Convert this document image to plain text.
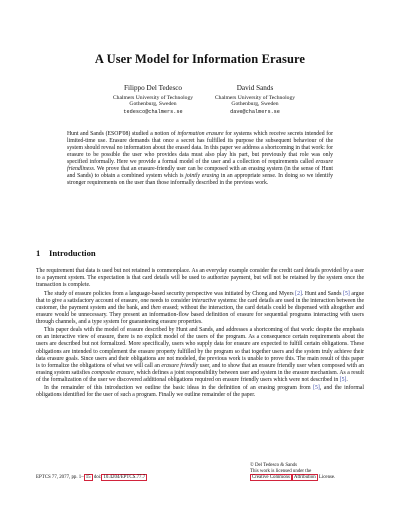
A User Model for Information Erasure
Filippo Del Tedesco
Chalmers University of Technology
Gothenburg, Sweden
tedesco@chalmers.se
David Sands
Chalmers University of Technology
Gothenburg, Sweden
dave@chalmers.se
Hunt and Sands (ESOP'08) studied a notion of information erasure for systems which receive secrets intended for limited-time use. Erasure demands that once a secret has fulfilled its purpose the subsequent behaviour of the system should reveal no information about the erased data. In this paper we address a shortcoming in that work: for erasure to be possible the user who provides data must also play his part, but previously that role was only specified informally. Here we provide a formal model of the user and a collection of requirements called erasure friendliness. We prove that an erasure-friendly user can be composed with an erasing system (in the sense of Hunt and Sands) to obtain a combined system which is jointly erasing in an appropriate sense. In doing so we identify stronger requirements on the user than those informally described in the previous work.
1 Introduction

The requirement that data is used but not retained is commonplace. As an everyday example consider the credit card details provided by a user to a payment system. The expectation is that card details will be used to authorize payment, but will not be retained by the system once the transaction is complete.

The study of erasure policies from a language-based security perspective was initiated by Chong and Myers [2]. Hunt and Sands [5] argue that to give a satisfactory account of erasure, one needs to consider interactive systems: the card details are used in the interaction between the customer, the payment system and the bank, and then erased; without the interaction, the card details could be dispensed with altogether and erasure would be unnecessary. They present an information-flow based definition of erasure for sequential programs interacting with users through channels, and a type system for guaranteeing erasure properties.

This paper deals with the model of erasure described by Hunt and Sands, and addresses a shortcoming of that work: despite the emphasis on an interactive view of erasure, there is no explicit model of the users of the program. As a consequence certain requirements about the users are described but not formalized. More specifically, users who supply data for erasure are expected to fulfill certain obligations. These obligations are intended to complement the erasure property fulfilled by the program so that together users and the system truly achieve their data erasure goals. Since users and their obligations are not modeled, the previous work is unable to prove this. The main result of this paper is to formalize the obligations of what we will call an erasure friendly user, and to show that an erasure friendly user when composed with an erasing system satisfies composite erasure, which defines a joint responsibility between user and system in the erasure mechanism. As a result of the formalization of the user we discovered additional obligations required on erasure friendly users which were not described in [5].

In the remainder of this introduction we outline the basic ideas in the definition of an erasing program from [5], and the informal obligations identified for the user of such a program. Finally we outline remainder of the paper.

EPTCS 77, 2077, pp. 1– 15 doi: 10.4204/EPTCS.77.7
© Del Tedesco & Sands
This work is licensed under the
Creative Commons Attribution License.
